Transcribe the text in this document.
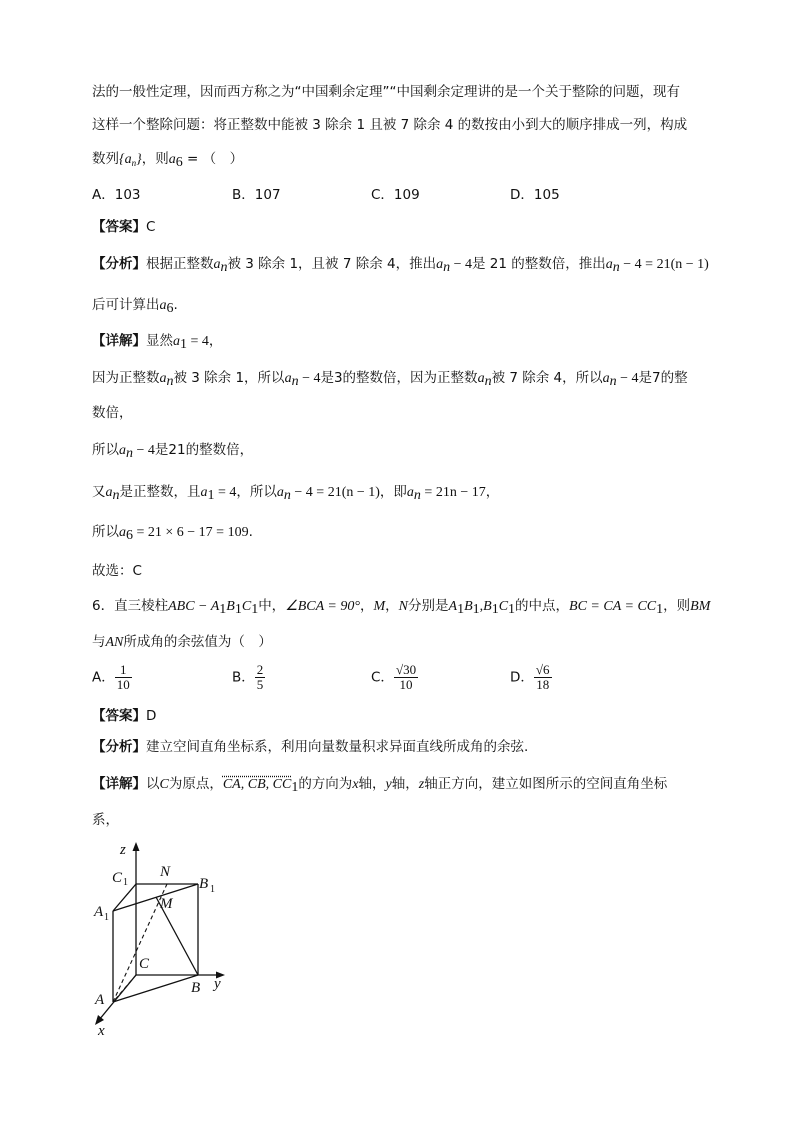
法的一般性定理，因而西方称之为“中国剩余定理”“中国剩余定理讲的是一个关于整除的问题，现有
这样一个整除问题：将正整数中能被 3 除余 1 且被 7 除余 4 的数按由小到大的顺序排成一列，构成
数列$\{a_n\}$，则$a_6$ = （　）
A．103	B．107	C．109	D．105
【答案】C
【分析】根据正整数$a_n$被 3 除余 1，且被 7 除余 4，推出$a_n - 4$是 21 的整数倍，推出$a_n - 4 = 21(n - 1)$
后可计算出$a_6$.
【详解】显然$a_1 = 4$，
因为正整数$a_n$被 3 除余 1，所以$a_n - 4$是3的整数倍，因为正整数$a_n$被 7 除余 4，所以$a_n - 4$是7的整
数倍，
所以$a_n - 4$是21的整数倍，
又$a_n$是正整数，且$a_1 = 4$，所以$a_n - 4 = 21(n - 1)$，即$a_n = 21n - 17$，
所以$a_6 = 21 \times 6 - 17 = 109$.
故选：C
6．直三棱柱ABC − $A_1B_1C_1$中，∠BCA = 90°，M，N分别是$A_1B_1,B_1C_1$的中点，BC = CA = $CC_1$，则BM
与AN所成角的余弦值为（　）
A． $\frac{1}{10}$	B． $\frac{2}{5}$	C． $\frac{√30}{10}$	D． $\frac{√6}{18}$
【答案】D
【分析】建立空间直角坐标系，利用向量数量积求异面直线所成角的余弦.
【详解】以C为原点，CA, CB, $CC_1$的方向为x轴，y轴，z轴正方向，建立如图所示的空间直角坐标
系，
z
C 1
N
B 1
A 1
M
C
A
B y
x
